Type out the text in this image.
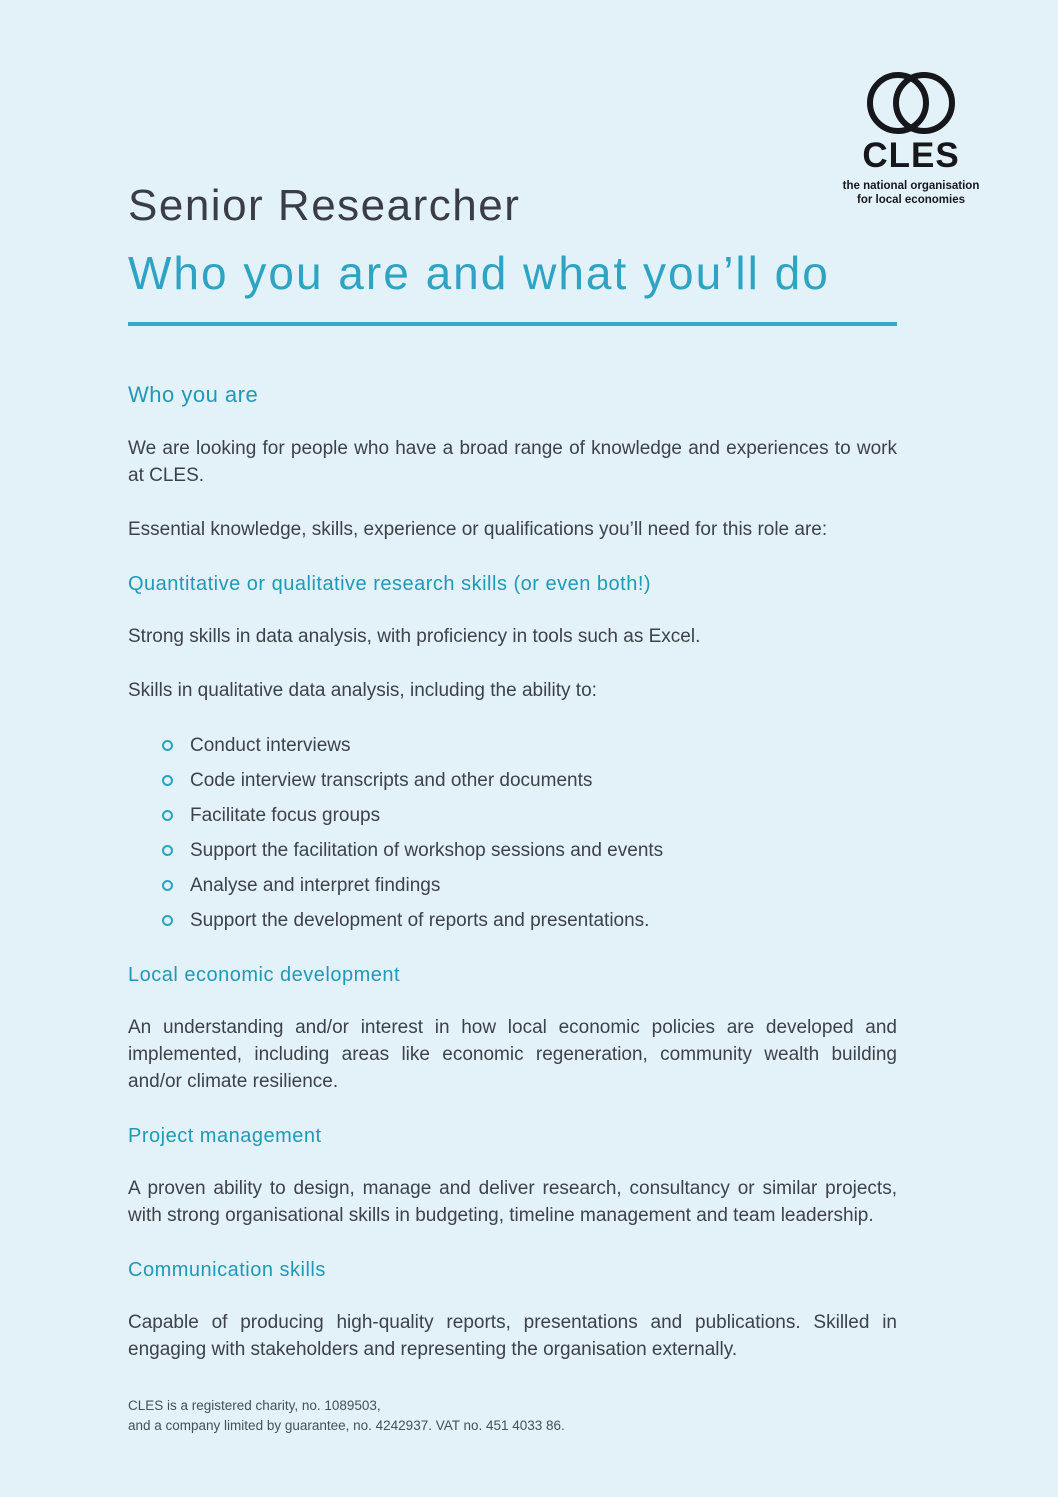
CLES
the national organisation
for local economies
Senior Researcher
Who you are and what you’ll do
Who you are

We are looking for people who have a broad range of knowledge and experiences to work at CLES.

Essential knowledge, skills, experience or qualifications you’ll need for this role are:

Quantitative or qualitative research skills (or even both!)

Strong skills in data analysis, with proficiency in tools such as Excel.

Skills in qualitative data analysis, including the ability to:

Conduct interviews
Code interview transcripts and other documents
Facilitate focus groups
Support the facilitation of workshop sessions and events
Analyse and interpret findings
Support the development of reports and presentations.
Local economic development

An understanding and/or interest in how local economic policies are developed and implemented, including areas like economic regeneration, community wealth building and/or climate resilience.

Project management

A proven ability to design, manage and deliver research, consultancy or similar projects, with strong organisational skills in budgeting, timeline management and team leadership.

Communication skills

Capable of producing high-quality reports, presentations and publications. Skilled in engaging with stakeholders and representing the organisation externally.

CLES is a registered charity, no. 1089503,
and a company limited by guarantee, no. 4242937. VAT no. 451 4033 86.
